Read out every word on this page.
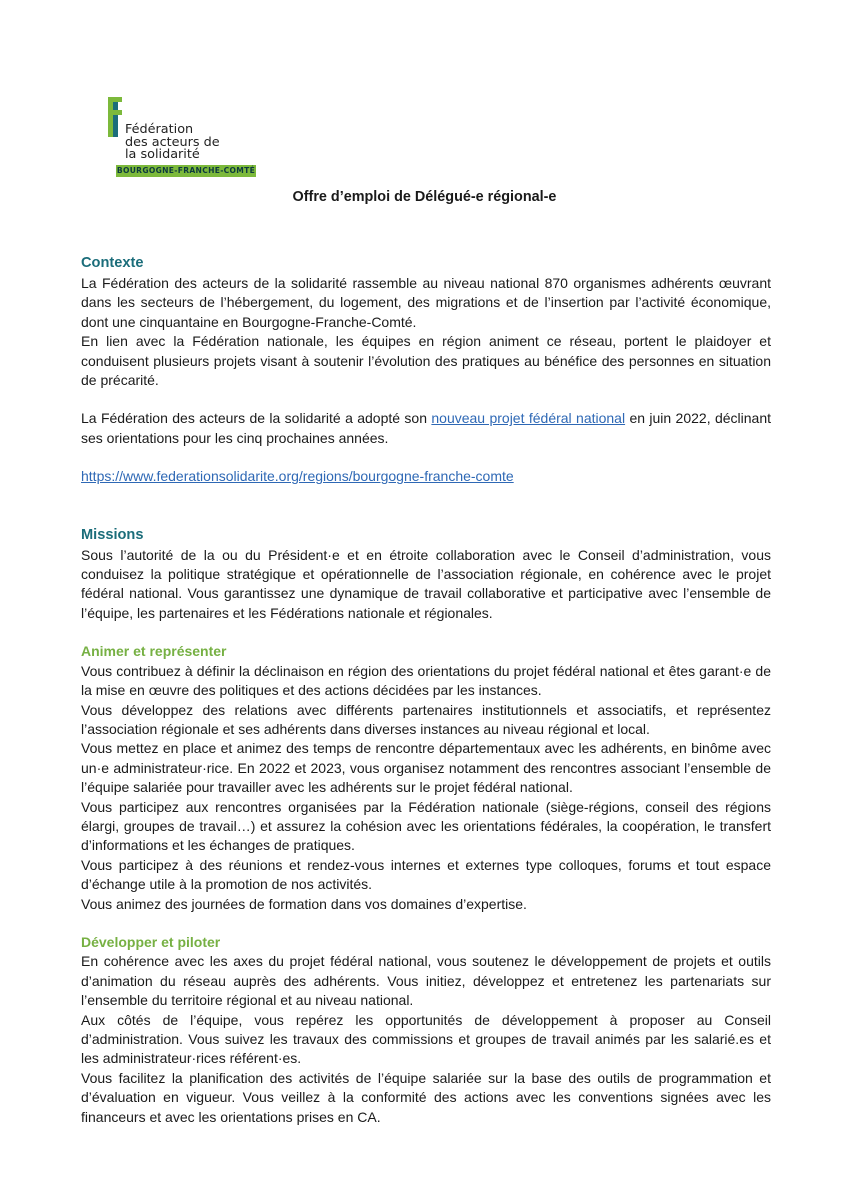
Fédération
des acteurs de
la solidarité
BOURGOGNE-FRANCHE-COMTÉ
Offre d’emploi de Délégué-e régional-e
Contexte

La Fédération des acteurs de la solidarité rassemble au niveau national 870 organismes adhérents œuvrant dans les secteurs de l’hébergement, du logement, des migrations et de l’insertion par l’activité économique, dont une cinquantaine en Bourgogne-Franche-Comté.

En lien avec la Fédération nationale, les équipes en région animent ce réseau, portent le plaidoyer et conduisent plusieurs projets visant à soutenir l’évolution des pratiques au bénéfice des personnes en situation de précarité.

La Fédération des acteurs de la solidarité a adopté son nouveau projet fédéral national en juin 2022, déclinant ses orientations pour les cinq prochaines années.

https://www.federationsolidarite.org/regions/bourgogne-franche-comte

Missions

Sous l’autorité de la ou du Président·e et en étroite collaboration avec le Conseil d’administration, vous conduisez la politique stratégique et opérationnelle de l’association régionale, en cohérence avec le projet fédéral national. Vous garantissez une dynamique de travail collaborative et participative avec l’ensemble de l’équipe, les partenaires et les Fédérations nationale et régionales.

Animer et représenter

Vous contribuez à définir la déclinaison en région des orientations du projet fédéral national et êtes garant·e de la mise en œuvre des politiques et des actions décidées par les instances.

Vous développez des relations avec différents partenaires institutionnels et associatifs, et représentez l’association régionale et ses adhérents dans diverses instances au niveau régional et local.

Vous mettez en place et animez des temps de rencontre départementaux avec les adhérents, en binôme avec un·e administrateur·rice. En 2022 et 2023, vous organisez notamment des rencontres associant l’ensemble de l’équipe salariée pour travailler avec les adhérents sur le projet fédéral national.

Vous participez aux rencontres organisées par la Fédération nationale (siège-régions, conseil des régions élargi, groupes de travail…) et assurez la cohésion avec les orientations fédérales, la coopération, le transfert d’informations et les échanges de pratiques.

Vous participez à des réunions et rendez-vous internes et externes type colloques, forums et tout espace d’échange utile à la promotion de nos activités.

Vous animez des journées de formation dans vos domaines d’expertise.

Développer et piloter

En cohérence avec les axes du projet fédéral national, vous soutenez le développement de projets et outils d’animation du réseau auprès des adhérents. Vous initiez, développez et entretenez les partenariats sur l’ensemble du territoire régional et au niveau national.

Aux côtés de l’équipe, vous repérez les opportunités de développement à proposer au Conseil d’administration. Vous suivez les travaux des commissions et groupes de travail animés par les salarié.es et les administrateur·rices référent·es.

Vous facilitez la planification des activités de l’équipe salariée sur la base des outils de programmation et d’évaluation en vigueur. Vous veillez à la conformité des actions avec les conventions signées avec les financeurs et avec les orientations prises en CA.
